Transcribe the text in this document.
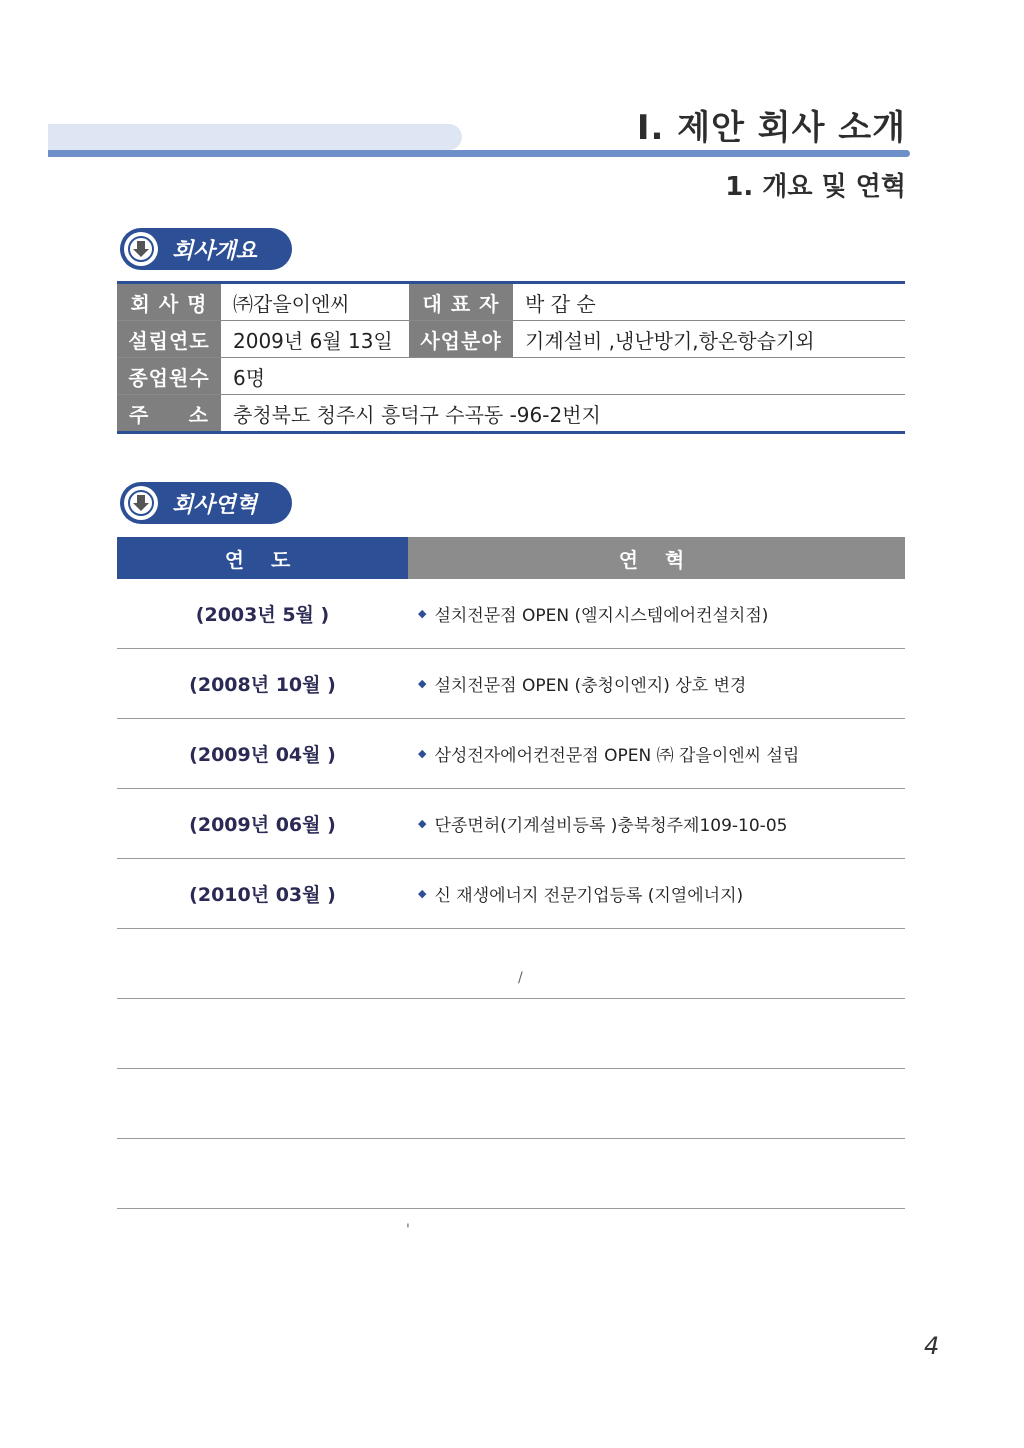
Ⅰ. 제안 회사 소개
1. 개요 및 연혁
회사개요
회 사 명	㈜갑을이엔씨	대 표 자	박 갑 순
설립연도	2009년 6월 13일	사업분야	기계설비 ,냉난방기,항온항습기외
종업원수	6명
주 소	충청북도 청주시 흥덕구 수곡동 -96-2번지
회사연혁
연 도	연 혁
(2003년 5월 )	◆ 설치전문점 OPEN (엘지시스템에어컨설치점)
(2008년 10월 )	◆ 설치전문점 OPEN (충청이엔지) 상호 변경
(2009년 04월 )	◆ 삼성전자에어컨전문점 OPEN ㈜ 갑을이엔씨 설립
(2009년 06월 )	◆ 단종면허(기계설비등록 )충북청주제109-10-05
(2010년 03월 )	◆ 신 재생에너지 전문기업등록 (지열에너지)
/
'
4
